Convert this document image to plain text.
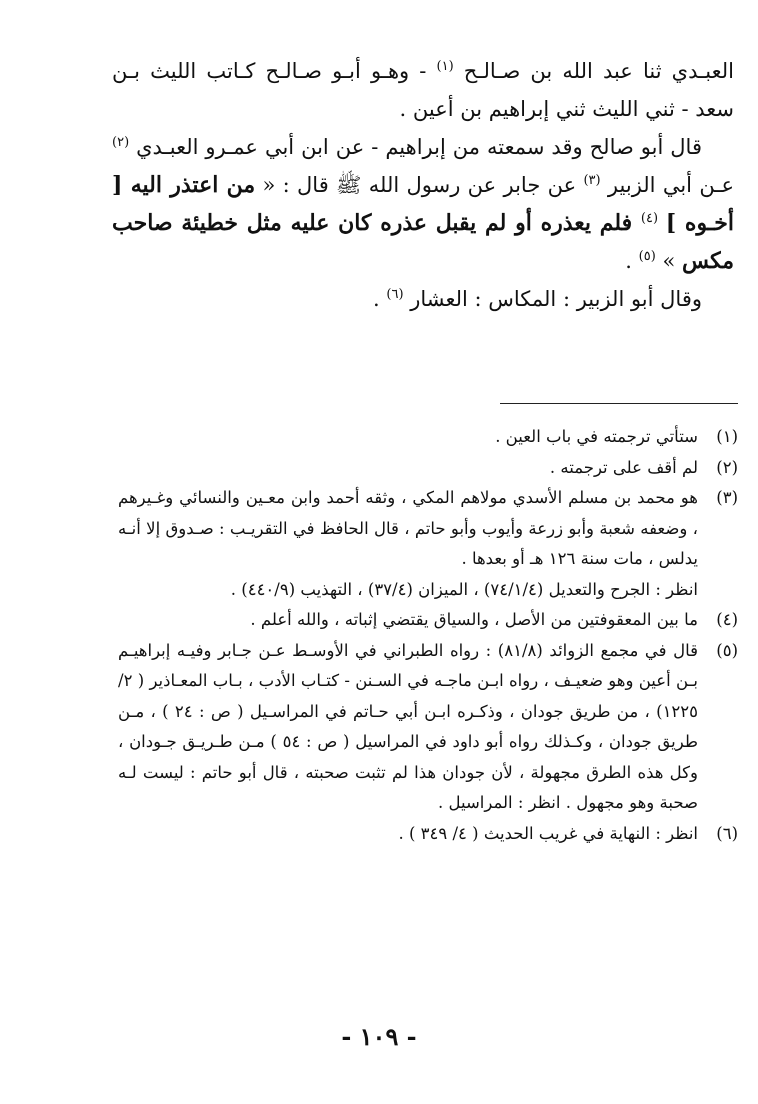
العبـدي ثنا عبد الله بن صـالـح $^{(١)}$ - وهـو أبـو صـالـح كـاتب الليث بـن سعد - ثني الليث ثني إبراهيم بن أعين .

قال أبو صالح وقد سمعته من إبراهيم - عن ابن أبي عمـرو العبـدي $^{(٢)}$ عـن أبي الزبير $^{(٣)}$ عن جابر عن رسول الله ﷺ قال : « من اعتذر اليه [ أخـوه ] $^{(٤)}$ فلم يعذره أو لم يقبل عذره كان عليه مثل خطيئة صاحب مكس » $^{(٥)}$ .

وقال أبو الزبير : المكاس : العشار $^{(٦)}$ .

(١)

ستأتي ترجمته في باب العين .

(٢)

لم أقف على ترجمته .

(٣)

هو محمد بن مسلم الأسدي مولاهم المكي ، وثقه أحمد وابن معـين والنسائي وغـيرهم ، وضعفه شعبة وأبو زرعة وأيوب وأبو حاتم ، قال الحافظ في التقريـب : صـدوق إلا أنـه يدلس ، مات سنة ١٢٦ هـ أو بعدها .

انظر : الجرح والتعديل (٧٤/١/٤) ، الميزان (٣٧/٤) ، التهذيب (٤٤٠/٩) .

(٤)

ما بين المعقوفتين من الأصل ، والسياق يقتضي إثباته ، والله أعلم .

(٥)

قال في مجمع الزوائد (٨١/٨) : رواه الطبراني في الأوسـط عـن جـابر وفيـه إبراهيـم بـن أعين وهو ضعيـف ، رواه ابـن ماجـه في السـنن - كتـاب الأدب ، بـاب المعـاذير ( ٢/ ١٢٢٥) ، من طريق جودان ، وذكـره ابـن أبي حـاتم في المراسـيل ( ص : ٢٤ ) ، مـن طريق جودان ، وكـذلك رواه أبو داود في المراسيل ( ص : ٥٤ ) مـن طـريـق جـودان ، وكل هذه الطرق مجهولة ، لأن جودان هذا لم تثبت صحبته ، قال أبو حاتم : ليست لـه صحبة وهو مجهول . انظر : المراسيل .

(٦)

انظر : النهاية في غريب الحديث ( ٤/ ٣٤٩ ) .

- ١٠٩ -
